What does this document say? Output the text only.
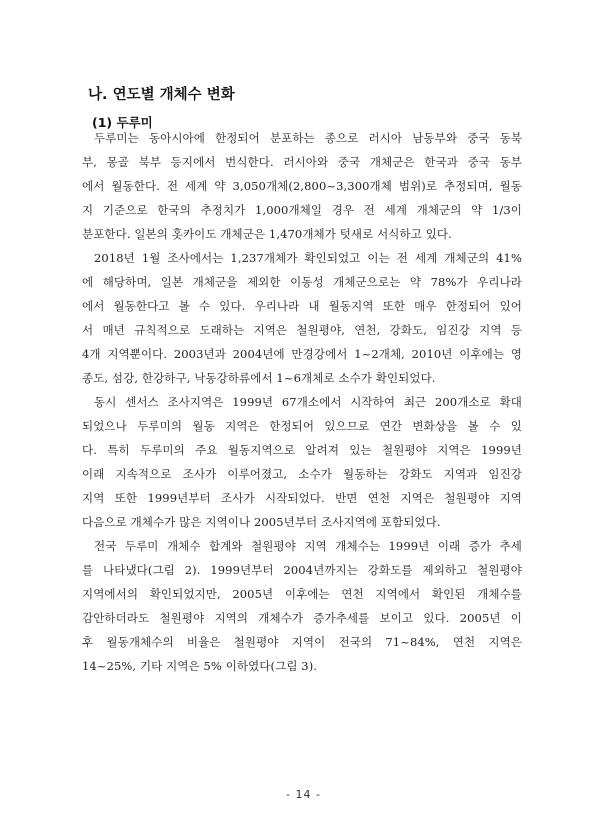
나. 연도별 개체수 변화
(1) 두루미
두루미는 동아시아에 한정되어 분포하는 종으로 러시아 남동부와 중국 동북
부, 몽골 북부 등지에서 번식한다. 러시아와 중국 개체군은 한국과 중국 동부
에서 월동한다. 전 세계 약 3,050개체(2,800~3,300개체 범위)로 추정되며, 월동
지 기준으로 한국의 추정치가 1,000개체일 경우 전 세계 개체군의 약 1/3이
분포한다. 일본의 홋카이도 개체군은 1,470개체가 텃새로 서식하고 있다.
2018년 1월 조사에서는 1,237개체가 확인되었고 이는 전 세계 개체군의 41%
에 해당하며, 일본 개체군을 제외한 이동성 개체군으로는 약 78%가 우리나라
에서 월동한다고 볼 수 있다. 우리나라 내 월동지역 또한 매우 한정되어 있어
서 매년 규칙적으로 도래하는 지역은 철원평야, 연천, 강화도, 임진강 지역 등
4개 지역뿐이다. 2003년과 2004년에 만경강에서 1~2개체, 2010년 이후에는 영
종도, 섬강, 한강하구, 낙동강하류에서 1~6개체로 소수가 확인되었다.
동시 센서스 조사지역은 1999년 67개소에서 시작하여 최근 200개소로 확대
되었으나 두루미의 월동 지역은 한정되어 있으므로 연간 변화상을 볼 수 있
다. 특히 두루미의 주요 월동지역으로 알려져 있는 철원평야 지역은 1999년
이래 지속적으로 조사가 이루어졌고, 소수가 월동하는 강화도 지역과 임진강
지역 또한 1999년부터 조사가 시작되었다. 반면 연천 지역은 철원평야 지역
다음으로 개체수가 많은 지역이나 2005년부터 조사지역에 포함되었다.
전국 두루미 개체수 합계와 철원평야 지역 개체수는 1999년 이래 증가 추세
를 나타냈다(그림 2). 1999년부터 2004년까지는 강화도를 제외하고 철원평야
지역에서의 확인되었지만, 2005년 이후에는 연천 지역에서 확인된 개체수를
감안하더라도 철원평야 지역의 개체수가 증가추세를 보이고 있다. 2005년 이
후 월동개체수의 비율은 철원평야 지역이 전국의 71~84%, 연천 지역은
14~25%, 기타 지역은 5% 이하였다(그림 3).
- 14 -
